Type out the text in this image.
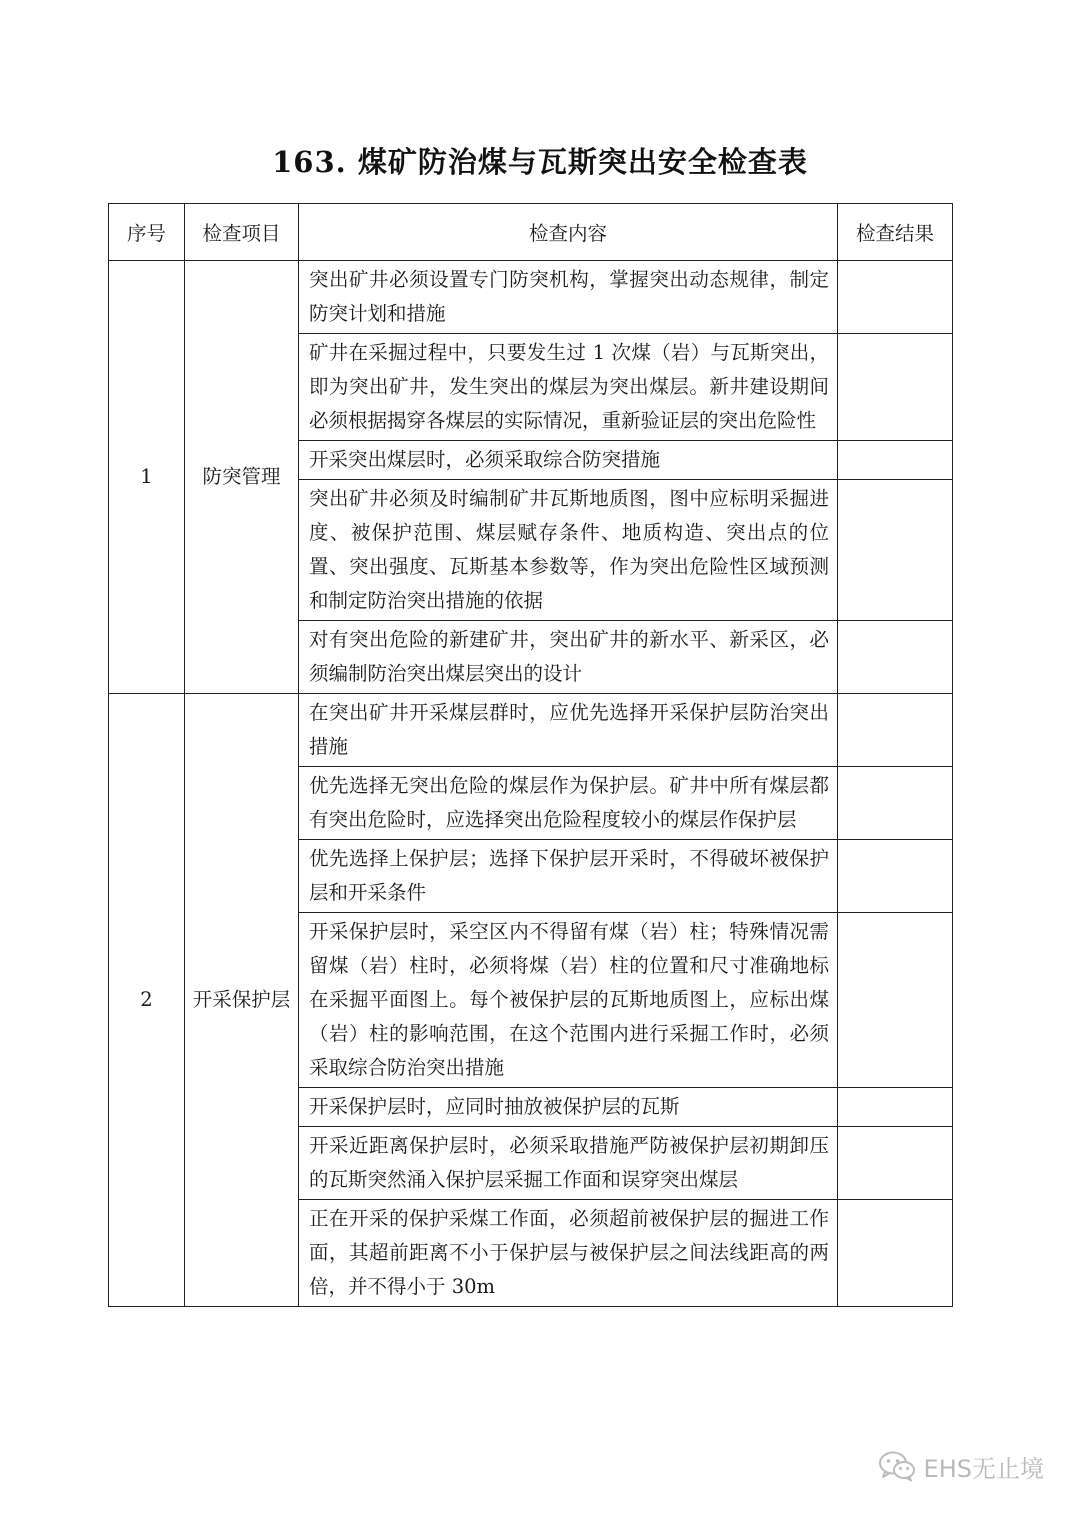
163. 煤矿防治煤与瓦斯突出安全检查表
序号	检查项目	检查内容	检查结果
1	防突管理	突出矿井必须设置专门防突机构，掌握突出动态规律，制定防突计划和措施	
		矿井在采掘过程中，只要发生过 1 次煤（岩）与瓦斯突出，即为突出矿井，发生突出的煤层为突出煤层。新井建设期间必须根据揭穿各煤层的实际情况，重新验证层的突出危险性	
		开采突出煤层时，必须采取综合防突措施	
		突出矿井必须及时编制矿井瓦斯地质图，图中应标明采掘进度、被保护范围、煤层赋存条件、地质构造、突出点的位置、突出强度、瓦斯基本参数等，作为突出危险性区域预测和制定防治突出措施的依据	
		对有突出危险的新建矿井，突出矿井的新水平、新采区，必须编制防治突出煤层突出的设计	
2	开采保护层	在突出矿井开采煤层群时，应优先选择开采保护层防治突出措施	
		优先选择无突出危险的煤层作为保护层。矿井中所有煤层都有突出危险时，应选择突出危险程度较小的煤层作保护层	
		优先选择上保护层；选择下保护层开采时，不得破坏被保护层和开采条件	
		开采保护层时，采空区内不得留有煤（岩）柱；特殊情况需留煤（岩）柱时，必须将煤（岩）柱的位置和尺寸准确地标在采掘平面图上。每个被保护层的瓦斯地质图上，应标出煤（岩）柱的影响范围，在这个范围内进行采掘工作时，必须采取综合防治突出措施	
		开采保护层时，应同时抽放被保护层的瓦斯	
		开采近距离保护层时，必须采取措施严防被保护层初期卸压的瓦斯突然涌入保护层采掘工作面和误穿突出煤层	
		正在开采的保护采煤工作面，必须超前被保护层的掘进工作面，其超前距离不小于保护层与被保护层之间法线距高的两倍，并不得小于 30m	
EHS无止境
